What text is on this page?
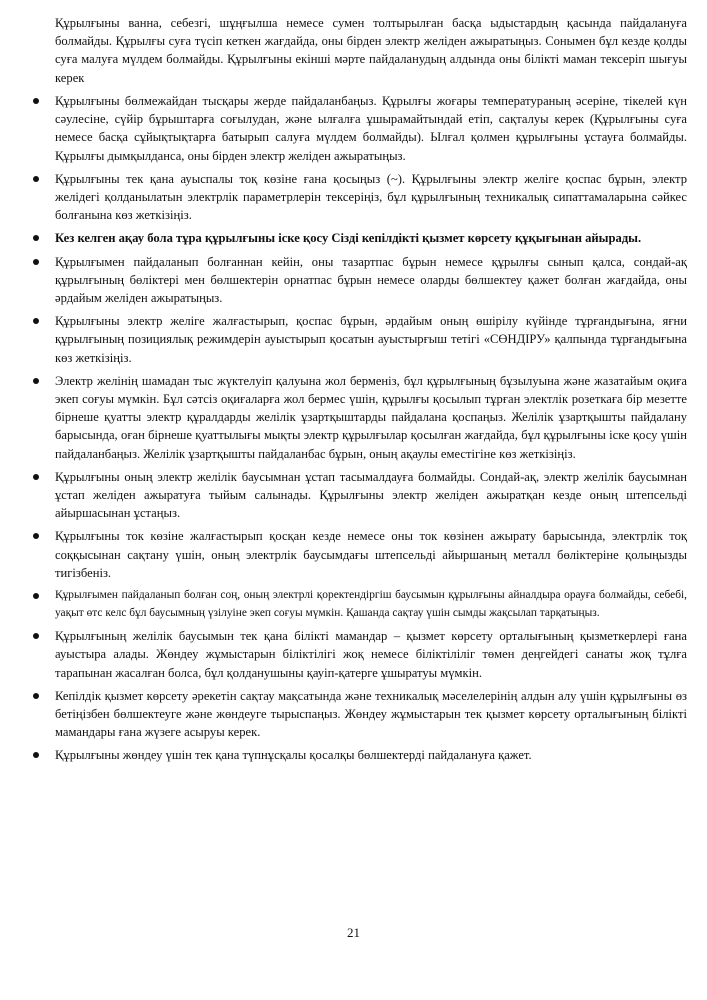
Құрылғыны ванна, себезгі, шұңғылша немесе сумен толтырылған басқа ыдыстардың қасында пайдалануға болмайды. Құрылғы суға түсіп кеткен жағдайда, оны бірден электр желіден ажыратыңыз. Сонымен бұл кезде қолды суға малуға мүлдем болмайды. Құрылғыны екінші мәрте пайдаланудың алдында оны білікті маман тексеріп шығуы керек

Құрылғыны бөлмежайдан тысқары жерде пайдаланбаңыз. Құрылғы жоғары температураның әсеріне, тікелей күн сәулесіне, сүйір бұрыштарға соғылудан, және ылғалға ұшырамайтындай етіп, сақталуы керек (Құрылғыны суға немесе басқа сұйықтықтарға батырып салуға мүлдем болмайды). Ылғал қолмен құрылғыны ұстауға болмайды. Құрылғы дымқылданса, оны бірден электр желіден ажыратыңыз.
Құрылғыны тек қана ауыспалы тоқ көзіне ғана қосыңыз (~). Құрылғыны электр желіге қоспас бұрын, электр желідегі қолданылатын электрлік параметрлерін тексеріңіз, бұл құрылғының техникалық сипаттамаларына сәйкес болғанына көз жеткізіңіз.
Кез келген ақау бола тұра құрылғыны іске қосу Сізді кепілдікті қызмет көрсету құқығынан айырады.
Құрылғымен пайдаланып болғаннан кейін, оны тазартпас бұрын немесе құрылғы сынып қалса, сондай-ақ құрылғының бөліктері мен бөлшектерін орнатпас бұрын немесе оларды бөлшектеу қажет болған жағдайда, оны әрдайым желіден ажыратыңыз.
Құрылғыны электр желіге жалғастырып, қоспас бұрын, әрдайым оның өшірілу күйінде тұрғандығына, яғни құрылғының позициялық режимдерін ауыстырып қосатын ауыстырғыш тетігі «СӨНДІРУ» қалпында тұрғандығына көз жеткізіңіз.
Электр желінің шамадан тыс жүктелуіп қалуына жол берменіз, бұл құрылғының бұзылуына және жазатайым оқиға экеп соғуы мүмкін. Бұл сәтсіз оқиғаларға жол бермес үшін, құрылғы қосылып тұрған электлік розеткаға бір мезетте бірнеше қуатты электр құралдарды желілік ұзартқыштарды пайдалана қоспаңыз. Желілік ұзартқышты пайдалану барысында, оған бірнеше қуаттылығы мықты электр құрылғылар қосылған жағдайда, бұл құрылғыны іске қосу үшін пайдаланбаңыз. Желілік ұзартқышты пайдаланбас бұрын, оның ақаулы еместігіне көз жеткізіңіз.
Құрылғыны оның электр желілік баусымнан ұстап тасымалдауға болмайды. Сондай-ақ, электр желілік баусымнан ұстап желіден ажыратуға тыйым салынады. Құрылғыны электр желіден ажыратқан кезде оның штепсельді айыршасынан ұстаңыз.
Құрылғыны ток көзіне жалғастырып қосқан кезде немесе оны ток көзінен ажырату барысында, электрлік тоқ соққысынан сақтану үшін, оның электрлік баусымдағы штепсельді айыршаның металл бөліктеріне қолыңызды тигізбеніз.
Құрылғымен пайдаланып болған соң, оның электрлі қоректендіргіш баусымын құрылғыны айналдыра орауға болмайды, себебі, уақыт өтс келс бұл баусымның үзілуіне экеп соғуы мүмкін. Қашанда сақтау үшін сымды жақсылап тарқатыңыз.
Құрылғының желілік баусымын тек қана білікті мамандар – қызмет көрсету орталығының қызметкерлері ғана ауыстыра алады. Жөндеу жұмыстарын біліктілігі жоқ немесе біліктіліліг төмен деңгейдегі санаты жоқ тұлға тарапынан жасалған болса, бұл қолданушыны қауіп-қатерге ұшыратуы мүмкін.
Кепілдік қызмет көрсету әрекетін сақтау мақсатында және техникалық мәселелерінің алдын алу үшін құрылғыны өз бетіңізбен бөлшектеуге және жөндеуге тырыспаңыз. Жөндеу жұмыстарын тек қызмет көрсету орталығының білікті мамандары ғана жүзеге асыруы керек.
Құрылғыны жөндеу үшін тек қана түпнұсқалы қосалқы бөлшектерді пайдалануға қажет.
21
